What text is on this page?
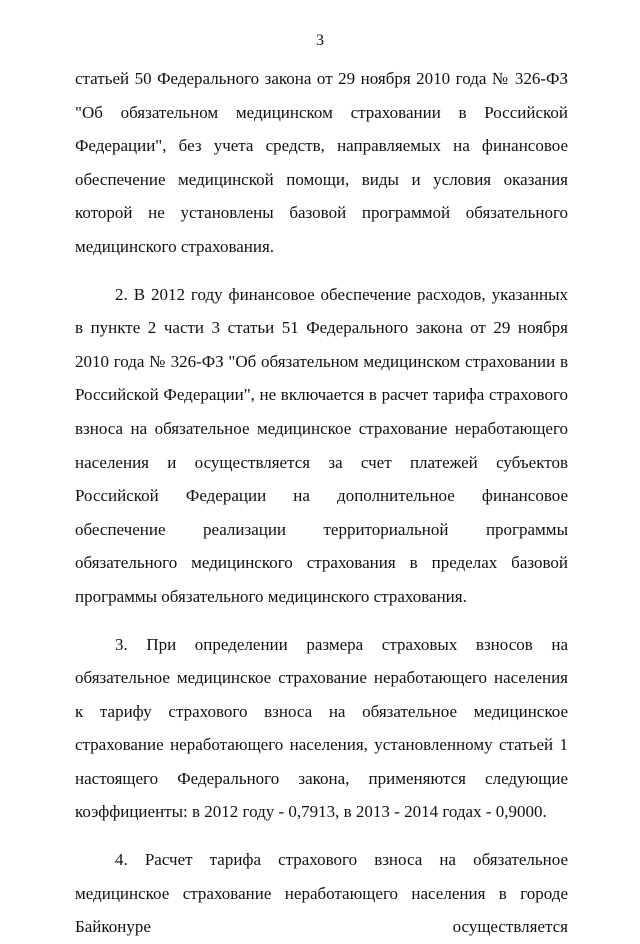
3

статьей 50 Федерального закона от 29 ноября 2010 года № 326-ФЗ "Об обязательном медицинском страховании в Российской Федерации", без учета средств, направляемых на финансовое обеспечение медицинской помощи, виды и условия оказания которой не установлены базовой программой обязательного медицинского страхования.

2. В 2012 году финансовое обеспечение расходов, указанных в пункте 2 части 3 статьи 51 Федерального закона от 29 ноября 2010 года № 326-ФЗ "Об обязательном медицинском страховании в Российской Федерации", не включается в расчет тарифа страхового взноса на обязательное медицинское страхование неработающего населения и осуществляется за счет платежей субъектов Российской Федерации на дополнительное финансовое обеспечение реализации территориальной программы обязательного медицинского страхования в пределах базовой программы обязательного медицинского страхования.

3. При определении размера страховых взносов на обязательное медицинское страхование неработающего населения к тарифу страхового взноса на обязательное медицинское страхование неработающего населения, установленному статьей 1 настоящего Федерального закона, применяются следующие коэффициенты: в 2012 году - 0,7913, в 2013 - 2014 годах - 0,9000.

4. Расчет тарифа страхового взноса на обязательное медицинское страхование неработающего населения в городе Байконуре осуществляется
